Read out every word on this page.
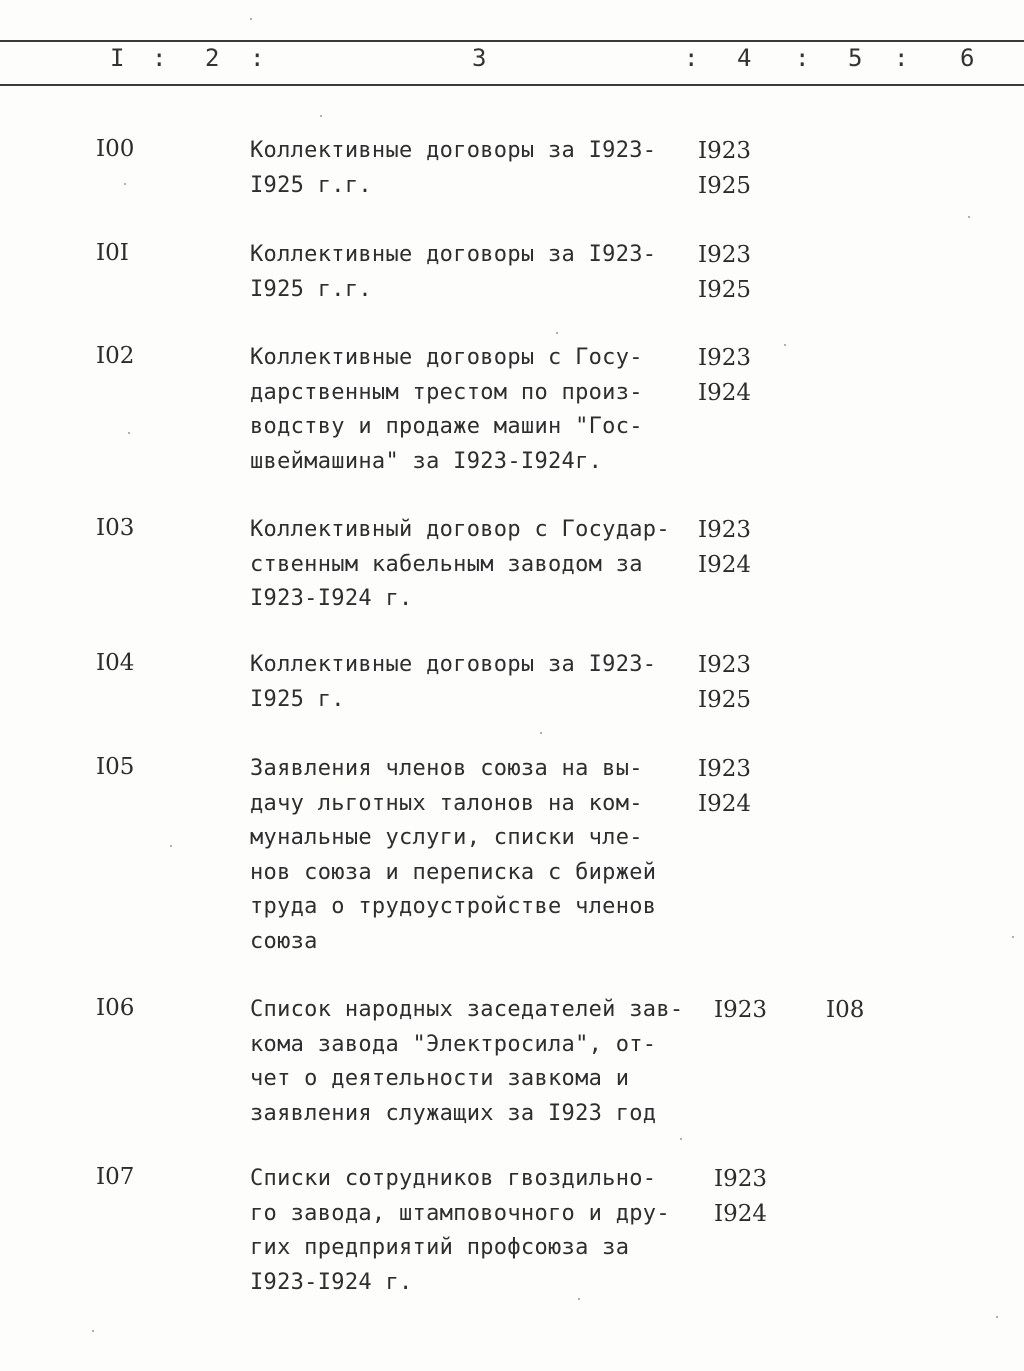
I : 2 :	3	: 4 : 5 : 6
I00	Коллективные договоры за I923-
I925 г.г.
I923
I925
I0I	Коллективные договоры за I923-
I925 г.г.
I923
I925
I02	Коллективные договоры с Госу-
дарственным трестом по произ-
водству и продаже машин "Гос-
швеймашина" за I923-I924г.
I923
I924
I03	Коллективный договор с Государ-
ственным кабельным заводом за
I923-I924 г.
I923
I924
I04	Коллективные договоры за I923-
I925 г.
I923
I925
I05	Заявления членов союза на вы-
дачу льготных талонов на ком-
мунальные услуги, списки чле-
нов союза и переписка с биржей
труда о трудоустройстве членов
союза
I923
I924
I06	Список народных заседателей зав-
кома завода "Электросила", от-
чет о деятельности завкома и
заявления служащих за I923 год
I923	I08
I07	Списки сотрудников гвоздильно-
го завода, штамповочного и дру-
гих предприятий профсоюза за
I923-I924 г.
I923
I924
